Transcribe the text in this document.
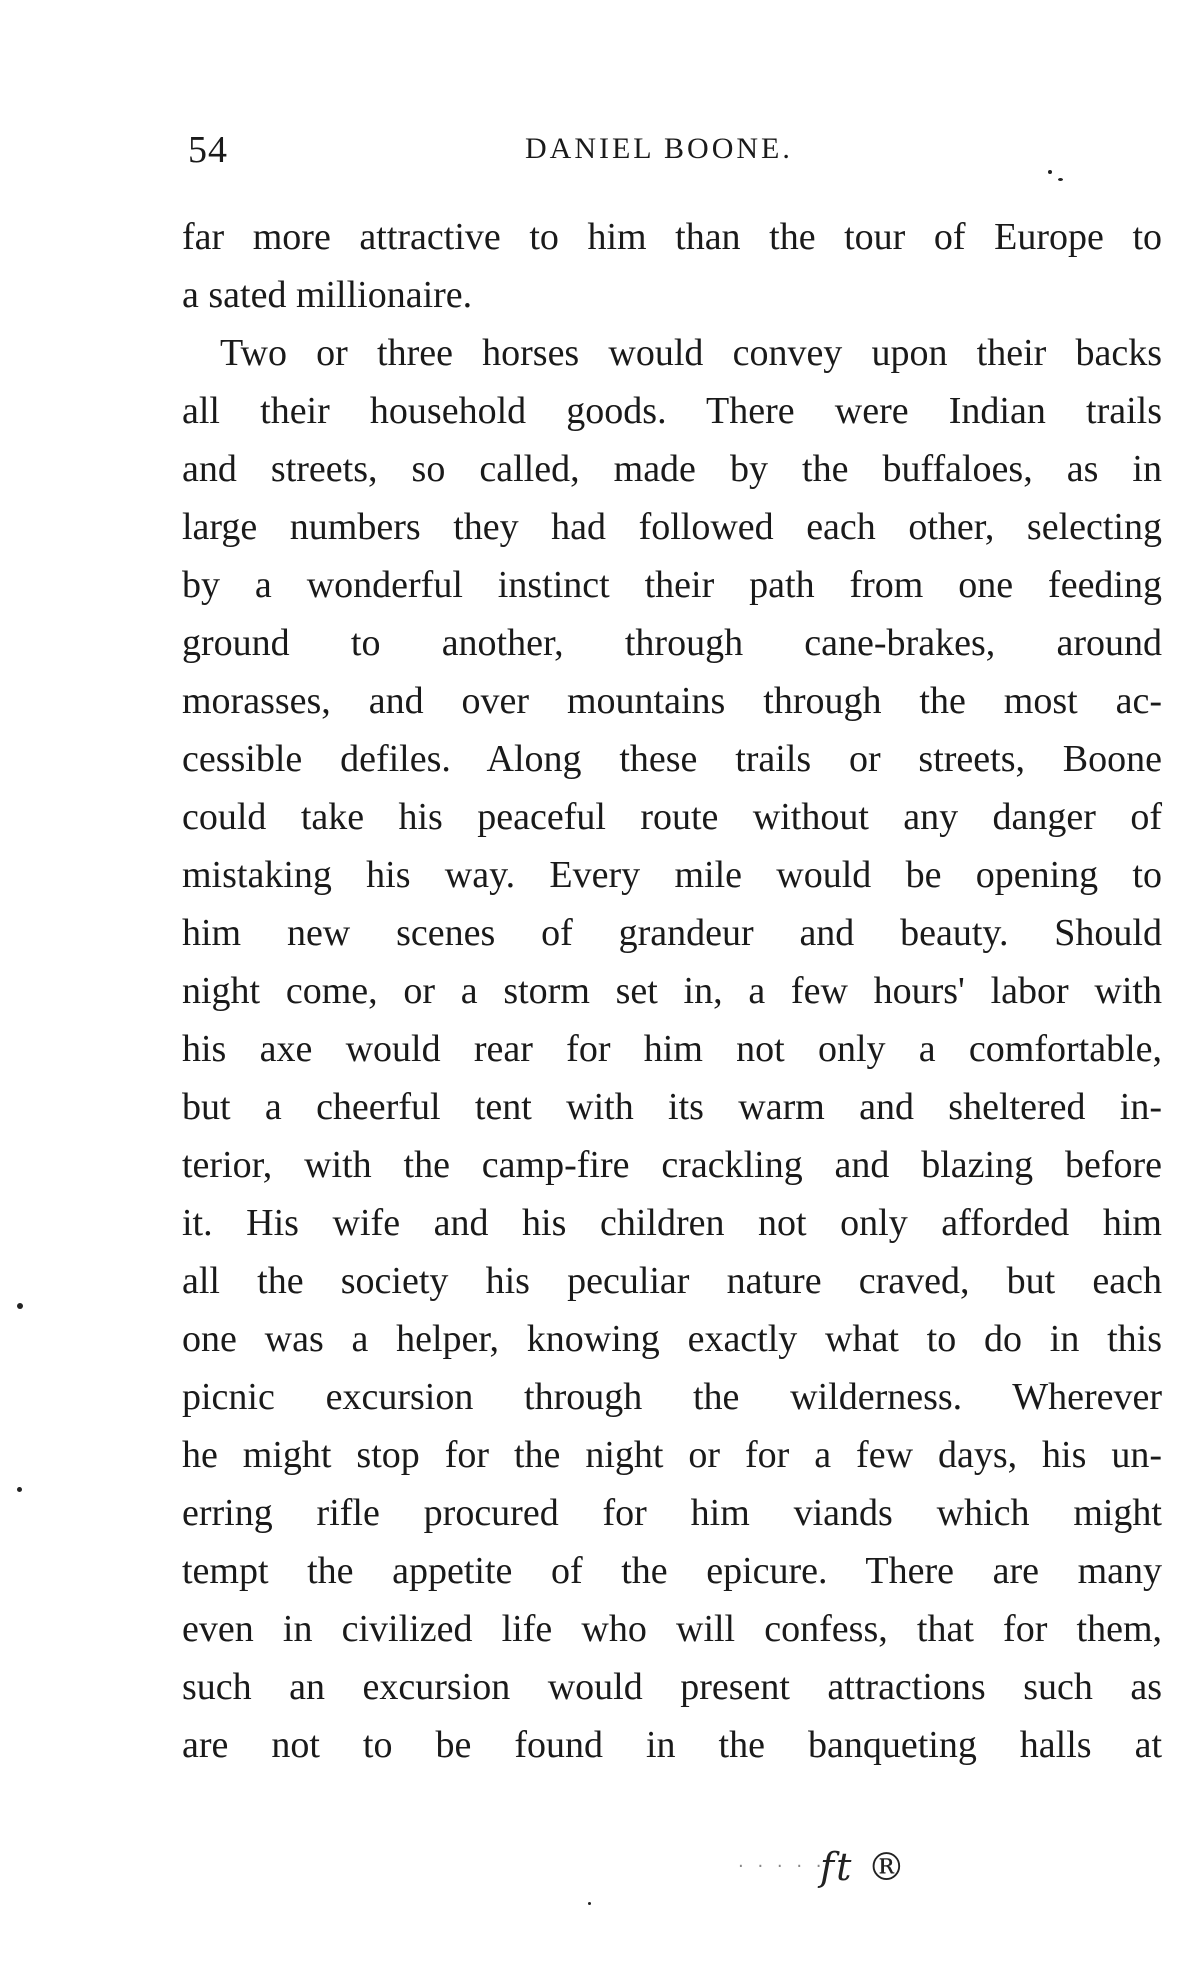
54	DANIEL BOONE.
far more attractive to him than the tour of Europe to
a sated millionaire.
Two or three horses would convey upon their backs
all their household goods. There were Indian trails
and streets, so called, made by the buffaloes, as in
large numbers they had followed each other, selecting
by a wonderful instinct their path from one feeding
ground to another, through cane-brakes, around
morasses, and over mountains through the most ac-
cessible defiles. Along these trails or streets, Boone
could take his peaceful route without any danger of
mistaking his way. Every mile would be opening to
him new scenes of grandeur and beauty. Should
night come, or a storm set in, a few hours' labor with
his axe would rear for him not only a comfortable,
but a cheerful tent with its warm and sheltered in-
terior, with the camp-fire crackling and blazing before
it. His wife and his children not only afforded him
all the society his peculiar nature craved, but each
one was a helper, knowing exactly what to do in this
picnic excursion through the wilderness. Wherever
he might stop for the night or for a few days, his un-
erring rifle procured for him viands which might
tempt the appetite of the epicure. There are many
even in civilized life who will confess, that for them,
such an excursion would present attractions such as
are not to be found in the banqueting halls at
· · · · ·
ft ®
